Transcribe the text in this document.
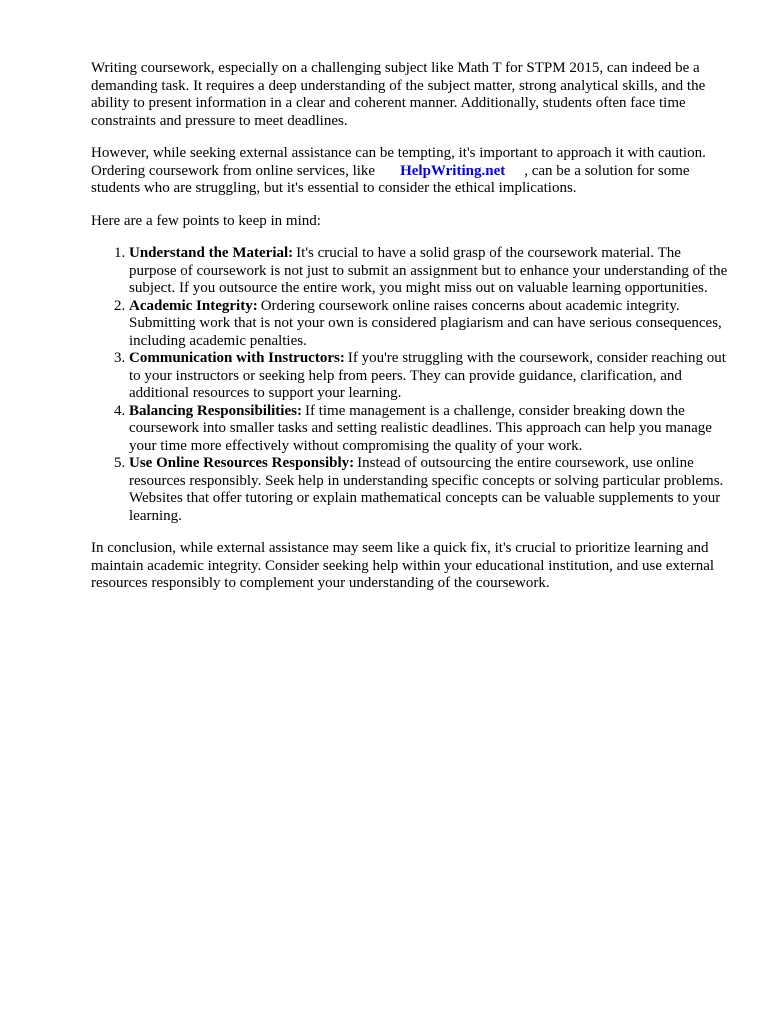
Writing coursework, especially on a challenging subject like Math T for STPM 2015, can indeed be a demanding task. It requires a deep understanding of the subject matter, strong analytical skills, and the ability to present information in a clear and coherent manner. Additionally, students often face time constraints and pressure to meet deadlines.

However, while seeking external assistance can be tempting, it's important to approach it with caution. Ordering coursework from online services, like HelpWriting.net , can be a solution for some students who are struggling, but it's essential to consider the ethical implications.

Here are a few points to keep in mind:

1. Understand the Material: It's crucial to have a solid grasp of the coursework material. The purpose of coursework is not just to submit an assignment but to enhance your understanding of the subject. If you outsource the entire work, you might miss out on valuable learning opportunities.
2. Academic Integrity: Ordering coursework online raises concerns about academic integrity. Submitting work that is not your own is considered plagiarism and can have serious consequences, including academic penalties.
3. Communication with Instructors: If you're struggling with the coursework, consider reaching out to your instructors or seeking help from peers. They can provide guidance, clarification, and additional resources to support your learning.
4. Balancing Responsibilities: If time management is a challenge, consider breaking down the coursework into smaller tasks and setting realistic deadlines. This approach can help you manage your time more effectively without compromising the quality of your work.
5. Use Online Resources Responsibly: Instead of outsourcing the entire coursework, use online resources responsibly. Seek help in understanding specific concepts or solving particular problems. Websites that offer tutoring or explain mathematical concepts can be valuable supplements to your learning.

In conclusion, while external assistance may seem like a quick fix, it's crucial to prioritize learning and maintain academic integrity. Consider seeking help within your educational institution, and use external resources responsibly to complement your understanding of the coursework.
